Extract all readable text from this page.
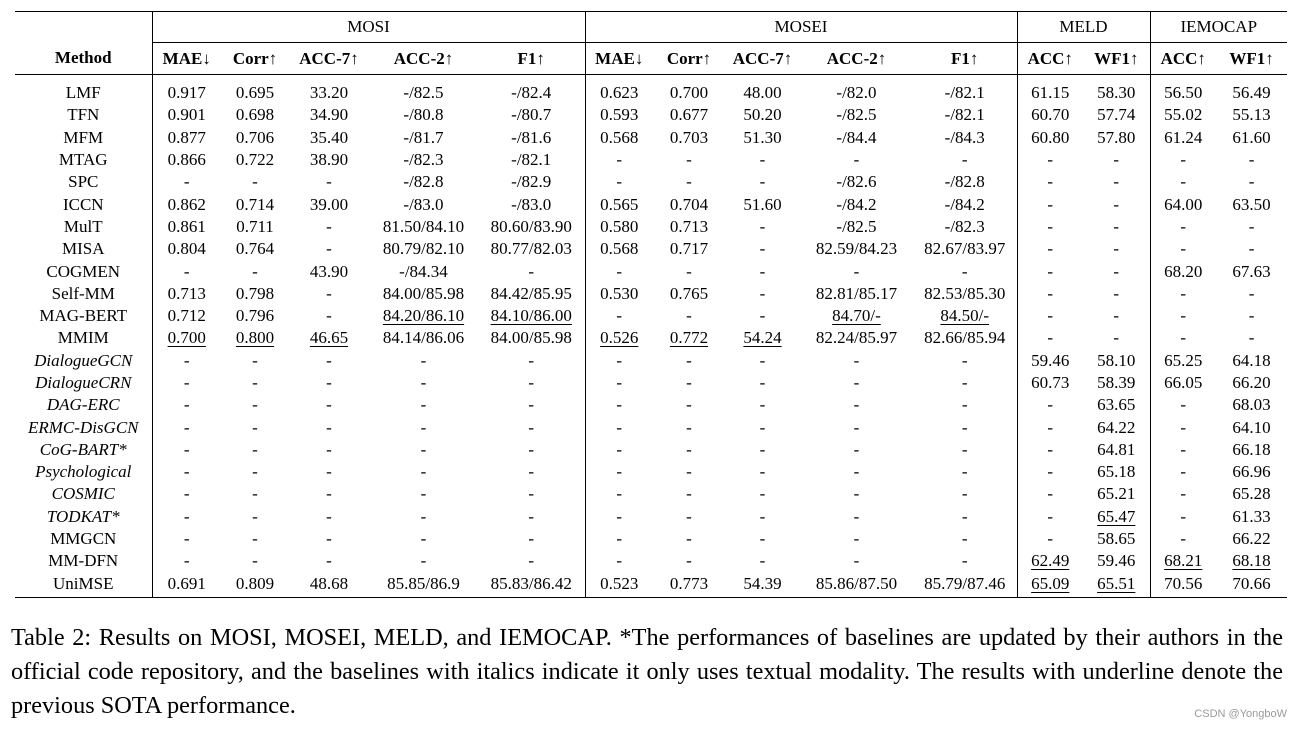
	MOSI					MOSEI					MELD		IEMOCAP	
Method	MAE↓	Corr↑	ACC-7↑	ACC-2↑	F1↑	MAE↓	Corr↑	ACC-7↑	ACC-2↑	F1↑	ACC↑	WF1↑	ACC↑	WF1↑
LMF	0.917	0.695	33.20	-/82.5	-/82.4	0.623	0.700	48.00	-/82.0	-/82.1	61.15	58.30	56.50	56.49
TFN	0.901	0.698	34.90	-/80.8	-/80.7	0.593	0.677	50.20	-/82.5	-/82.1	60.70	57.74	55.02	55.13
MFM	0.877	0.706	35.40	-/81.7	-/81.6	0.568	0.703	51.30	-/84.4	-/84.3	60.80	57.80	61.24	61.60
MTAG	0.866	0.722	38.90	-/82.3	-/82.1	-	-	-	-	-	-	-	-	-
SPC	-	-	-	-/82.8	-/82.9	-	-	-	-/82.6	-/82.8	-	-	-	-
ICCN	0.862	0.714	39.00	-/83.0	-/83.0	0.565	0.704	51.60	-/84.2	-/84.2	-	-	64.00	63.50
MulT	0.861	0.711	-	81.50/84.10	80.60/83.90	0.580	0.713	-	-/82.5	-/82.3	-	-	-	-
MISA	0.804	0.764	-	80.79/82.10	80.77/82.03	0.568	0.717	-	82.59/84.23	82.67/83.97	-	-	-	-
COGMEN	-	-	43.90	-/84.34	-	-	-	-	-	-	-	-	68.20	67.63
Self-MM	0.713	0.798	-	84.00/85.98	84.42/85.95	0.530	0.765	-	82.81/85.17	82.53/85.30	-	-	-	-
MAG-BERT	0.712	0.796	-	84.20/86.10	84.10/86.00	-	-	-	84.70/-	84.50/-	-	-	-	-
MMIM	0.700	0.800	46.65	84.14/86.06	84.00/85.98	0.526	0.772	54.24	82.24/85.97	82.66/85.94	-	-	-	-
DialogueGCN	-	-	-	-	-	-	-	-	-	-	59.46	58.10	65.25	64.18
DialogueCRN	-	-	-	-	-	-	-	-	-	-	60.73	58.39	66.05	66.20
DAG-ERC	-	-	-	-	-	-	-	-	-	-	-	63.65	-	68.03
ERMC-DisGCN	-	-	-	-	-	-	-	-	-	-	-	64.22	-	64.10
CoG-BART*	-	-	-	-	-	-	-	-	-	-	-	64.81	-	66.18
Psychological	-	-	-	-	-	-	-	-	-	-	-	65.18	-	66.96
COSMIC	-	-	-	-	-	-	-	-	-	-	-	65.21	-	65.28
TODKAT*	-	-	-	-	-	-	-	-	-	-	-	65.47	-	61.33
MMGCN	-	-	-	-	-	-	-	-	-	-	-	58.65	-	66.22
MM-DFN	-	-	-	-	-	-	-	-	-	-	62.49	59.46	68.21	68.18
UniMSE	0.691	0.809	48.68	85.85/86.9	85.83/86.42	0.523	0.773	54.39	85.86/87.50	85.79/87.46	65.09	65.51	70.56	70.66
Table 2: Results on MOSI, MOSEI, MELD, and IEMOCAP. *The performances of baselines are updated by their authors in the official code repository, and the baselines with italics indicate it only uses textual modality. The results with underline denote the previous SOTA performance.	CSDN @YongboW
